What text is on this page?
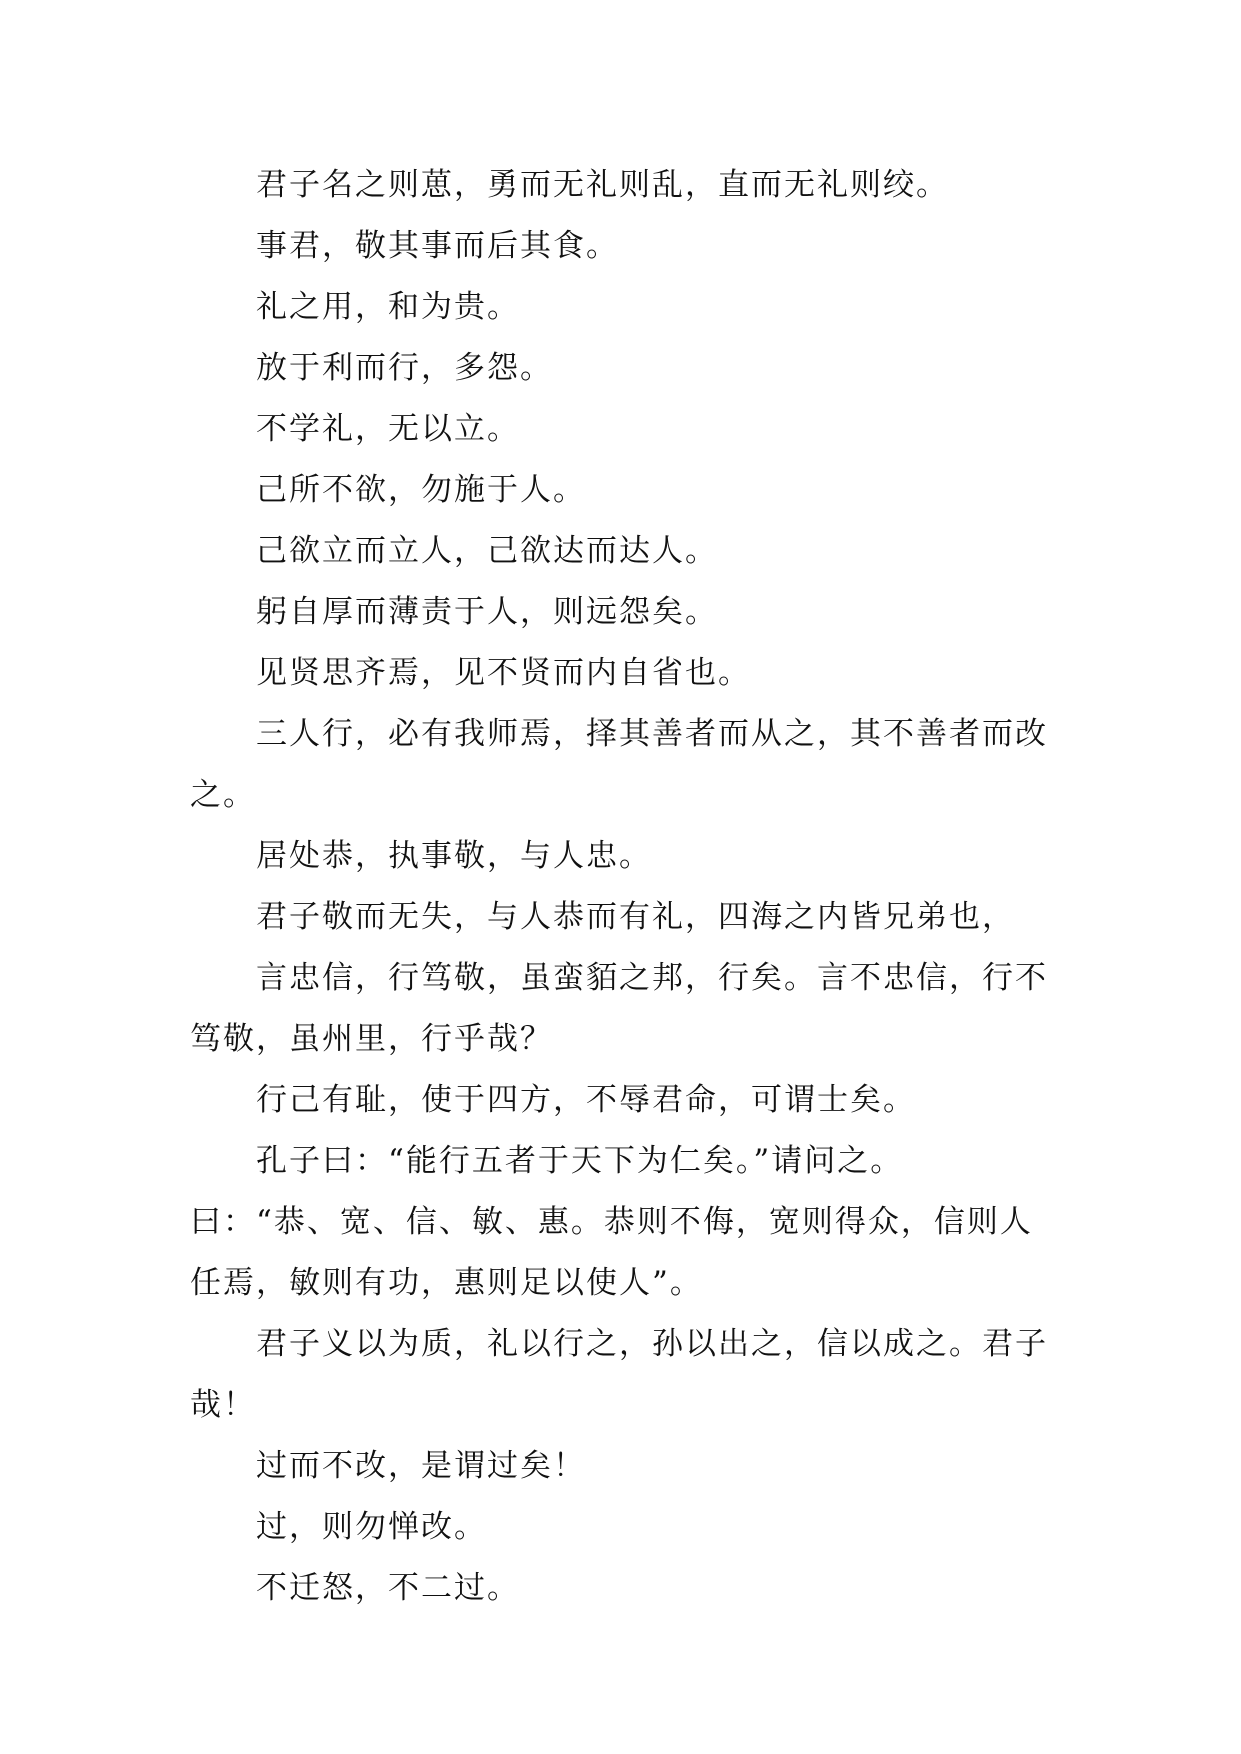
君子名之则葸，勇而无礼则乱，直而无礼则绞。

事君，敬其事而后其食。

礼之用，和为贵。

放于利而行，多怨。

不学礼，无以立。

己所不欲，勿施于人。

己欲立而立人，己欲达而达人。

躬自厚而薄责于人，则远怨矣。

见贤思齐焉，见不贤而内自省也。

三人行，必有我师焉，择其善者而从之，其不善者而改之。

居处恭，执事敬，与人忠。

君子敬而无失，与人恭而有礼，四海之内皆兄弟也，

言忠信，行笃敬，虽蛮貊之邦，行矣。言不忠信，行不笃敬，虽州里，行乎哉？

行己有耻，使于四方，不辱君命，可谓士矣。

孔子曰：“能行五者于天下为仁矣。”请问之。曰：“恭、宽、信、敏、惠。恭则不侮，宽则得众，信则人任焉，敏则有功，惠则足以使人”。

君子义以为质，礼以行之，孙以出之，信以成之。君子哉！

过而不改，是谓过矣！

过，则勿惮改。

不迁怒，不二过。
